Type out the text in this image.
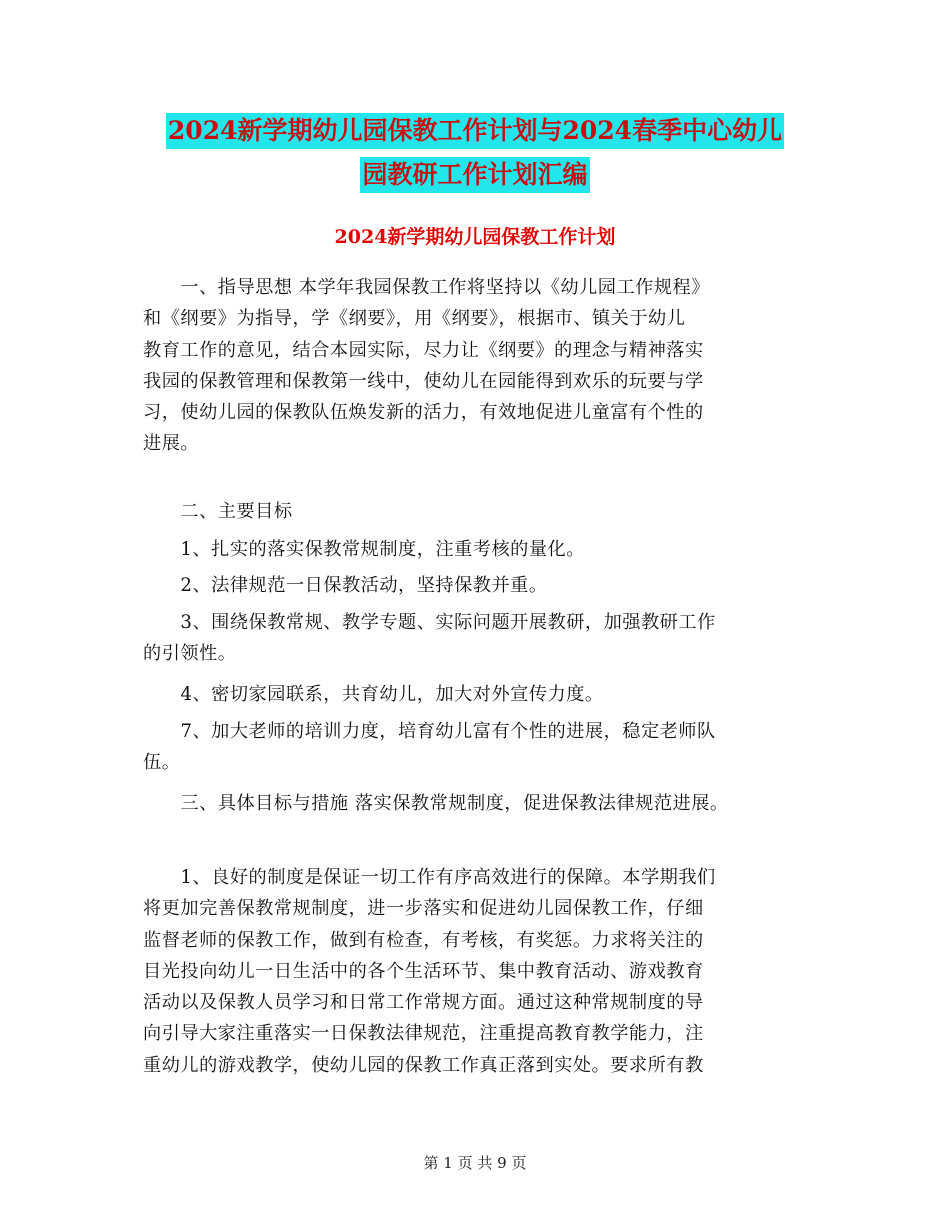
2024新学期幼儿园保教工作计划与2024春季中心幼儿
园教研工作计划汇编
2024新学期幼儿园保教工作计划
　　一、指导思想 本学年我园保教工作将坚持以《幼儿园工作规程》
和《纲要》为指导，学《纲要》，用《纲要》，根据市、镇关于幼儿
教育工作的意见，结合本园实际，尽力让《纲要》的理念与精神落实
我园的保教管理和保教第一线中，使幼儿在园能得到欢乐的玩要与学
习，使幼儿园的保教队伍焕发新的活力，有效地促进儿童富有个性的
进展。
　　二、主要目标
　　1、扎实的落实保教常规制度，注重考核的量化。
　　2、法律规范一日保教活动，坚持保教并重。
　　3、围绕保教常规、教学专题、实际问题开展教研，加强教研工作
的引领性。
　　4、密切家园联系，共育幼儿，加大对外宣传力度。
　　7、加大老师的培训力度，培育幼儿富有个性的进展，稳定老师队
伍。
　　三、具体目标与措施 落实保教常规制度，促进保教法律规范进展。
　　1、良好的制度是保证一切工作有序高效进行的保障。本学期我们
将更加完善保教常规制度，进一步落实和促进幼儿园保教工作，仔细
监督老师的保教工作，做到有检查，有考核，有奖惩。力求将关注的
目光投向幼儿一日生活中的各个生活环节、集中教育活动、游戏教育
活动以及保教人员学习和日常工作常规方面。通过这种常规制度的导
向引导大家注重落实一日保教法律规范，注重提高教育教学能力，注
重幼儿的游戏教学，使幼儿园的保教工作真正落到实处。要求所有教
第 1 页 共 9 页
